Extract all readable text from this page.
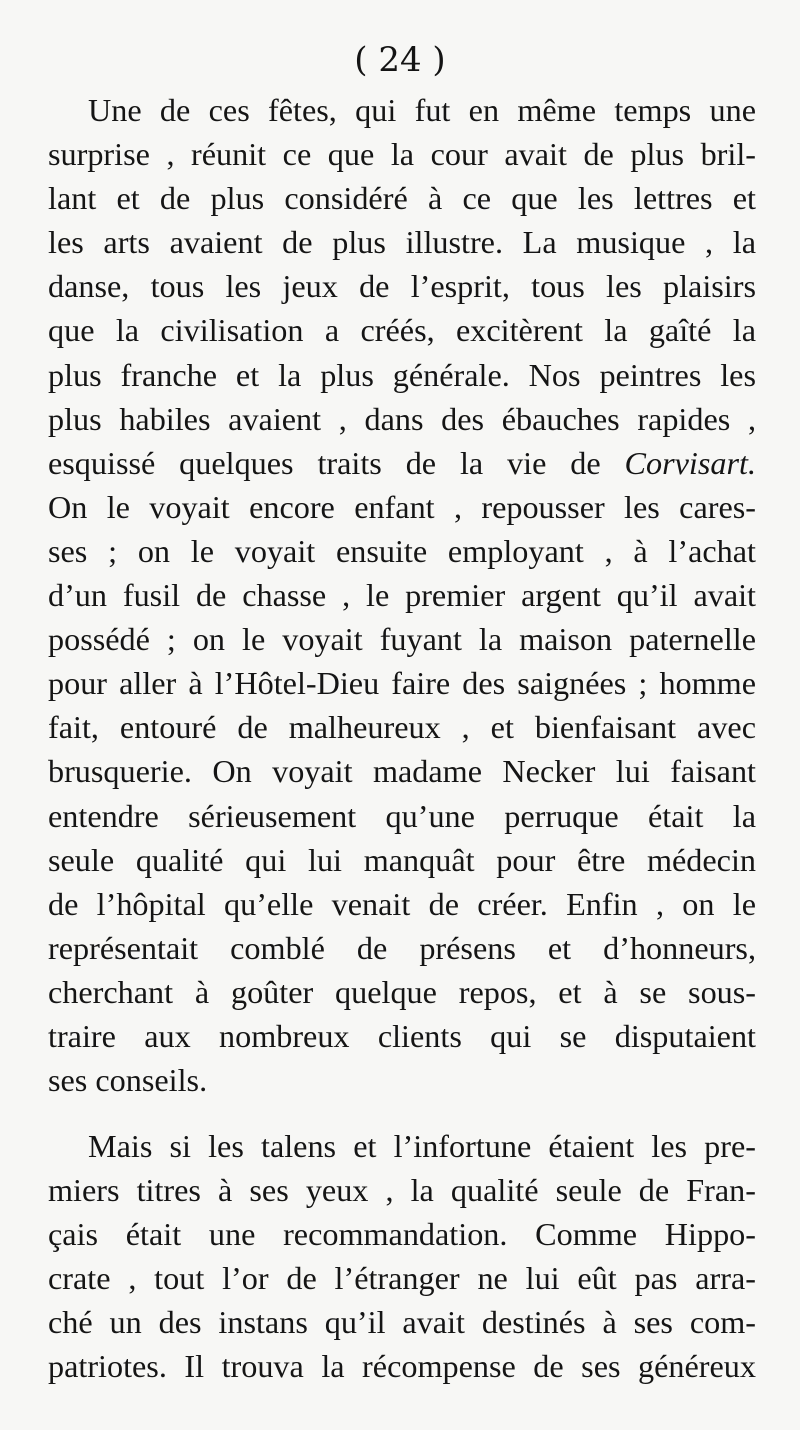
( 24 )
Une de ces fêtes, qui fut en même temps une
surprise , réunit ce que la cour avait de plus bril-
lant et de plus considéré à ce que les lettres et
les arts avaient de plus illustre. La musique , la
danse, tous les jeux de l’esprit, tous les plaisirs
que la civilisation a créés, excitèrent la gaîté la
plus franche et la plus générale. Nos peintres les
plus habiles avaient , dans des ébauches rapides ,
esquissé quelques traits de la vie de Corvisart.
On le voyait encore enfant , repousser les cares-
ses ; on le voyait ensuite employant , à l’achat
d’un fusil de chasse , le premier argent qu’il avait
possédé ; on le voyait fuyant la maison paternelle
pour aller à l’Hôtel-Dieu faire des saignées ; homme
fait, entouré de malheureux , et bienfaisant avec
brusquerie. On voyait madame Necker lui faisant
entendre sérieusement qu’une perruque était la
seule qualité qui lui manquât pour être médecin
de l’hôpital qu’elle venait de créer. Enfin , on le
représentait comblé de présens et d’honneurs,
cherchant à goûter quelque repos, et à se sous-
traire aux nombreux clients qui se disputaient
ses conseils.
Mais si les talens et l’infortune étaient les pre-
miers titres à ses yeux , la qualité seule de Fran-
çais était une recommandation. Comme Hippo-
crate , tout l’or de l’étranger ne lui eût pas arra-
ché un des instans qu’il avait destinés à ses com-
patriotes. Il trouva la récompense de ses généreux
